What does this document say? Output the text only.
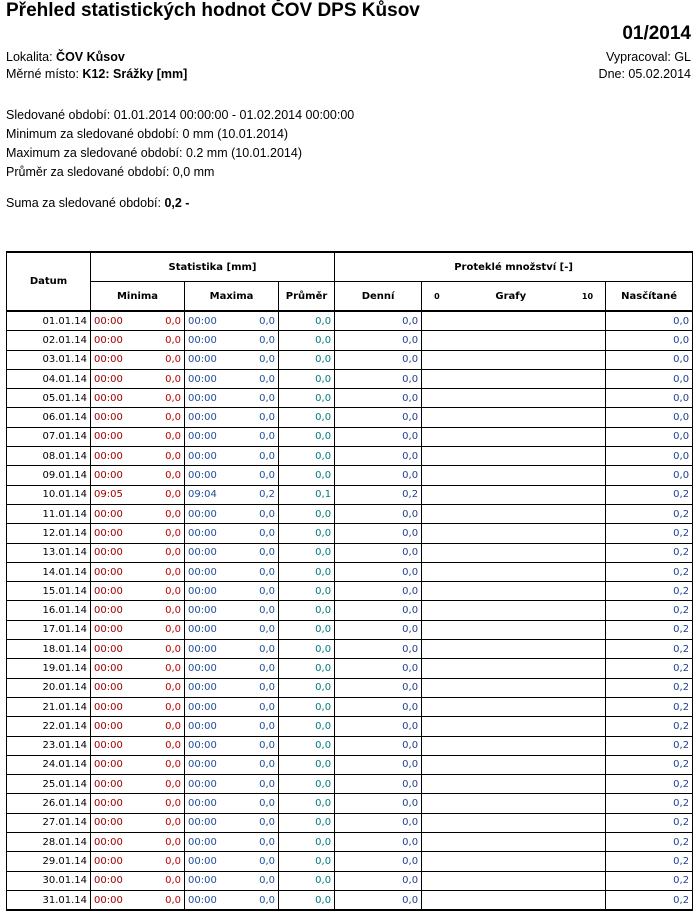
Přehled statistických hodnot ČOV DPS Kůsov
01/2014
Lokalita: ČOV Kůsov
Měrné místo: K12: Srážky [mm]
Vypracoval: GL
Dne: 05.02.2014
Sledované období: 01.01.2014 00:00:00 - 01.02.2014 00:00:00
Minimum za sledované období: 0 mm (10.01.2014)
Maximum za sledované období: 0.2 mm (10.01.2014)
Průměr za sledované období: 0,0 mm
Suma za sledované období: 0,2 -
Datum	Statistika [mm]					Proteklé množství [-]		
	Minima		Maxima		Průměr	Denní	0 Grafy 10	Nasčítané
01.01.14	00:00	0,0	00:00	0,0	0,0	0,0		0,0
02.01.14	00:00	0,0	00:00	0,0	0,0	0,0		0,0
03.01.14	00:00	0,0	00:00	0,0	0,0	0,0		0,0
04.01.14	00:00	0,0	00:00	0,0	0,0	0,0		0,0
05.01.14	00:00	0,0	00:00	0,0	0,0	0,0		0,0
06.01.14	00:00	0,0	00:00	0,0	0,0	0,0		0,0
07.01.14	00:00	0,0	00:00	0,0	0,0	0,0		0,0
08.01.14	00:00	0,0	00:00	0,0	0,0	0,0		0,0
09.01.14	00:00	0,0	00:00	0,0	0,0	0,0		0,0
10.01.14	09:05	0,0	09:04	0,2	0,1	0,2		0,2
11.01.14	00:00	0,0	00:00	0,0	0,0	0,0		0,2
12.01.14	00:00	0,0	00:00	0,0	0,0	0,0		0,2
13.01.14	00:00	0,0	00:00	0,0	0,0	0,0		0,2
14.01.14	00:00	0,0	00:00	0,0	0,0	0,0		0,2
15.01.14	00:00	0,0	00:00	0,0	0,0	0,0		0,2
16.01.14	00:00	0,0	00:00	0,0	0,0	0,0		0,2
17.01.14	00:00	0,0	00:00	0,0	0,0	0,0		0,2
18.01.14	00:00	0,0	00:00	0,0	0,0	0,0		0,2
19.01.14	00:00	0,0	00:00	0,0	0,0	0,0		0,2
20.01.14	00:00	0,0	00:00	0,0	0,0	0,0		0,2
21.01.14	00:00	0,0	00:00	0,0	0,0	0,0		0,2
22.01.14	00:00	0,0	00:00	0,0	0,0	0,0		0,2
23.01.14	00:00	0,0	00:00	0,0	0,0	0,0		0,2
24.01.14	00:00	0,0	00:00	0,0	0,0	0,0		0,2
25.01.14	00:00	0,0	00:00	0,0	0,0	0,0		0,2
26.01.14	00:00	0,0	00:00	0,0	0,0	0,0		0,2
27.01.14	00:00	0,0	00:00	0,0	0,0	0,0		0,2
28.01.14	00:00	0,0	00:00	0,0	0,0	0,0		0,2
29.01.14	00:00	0,0	00:00	0,0	0,0	0,0		0,2
30.01.14	00:00	0,0	00:00	0,0	0,0	0,0		0,2
31.01.14	00:00	0,0	00:00	0,0	0,0	0,0		0,2
